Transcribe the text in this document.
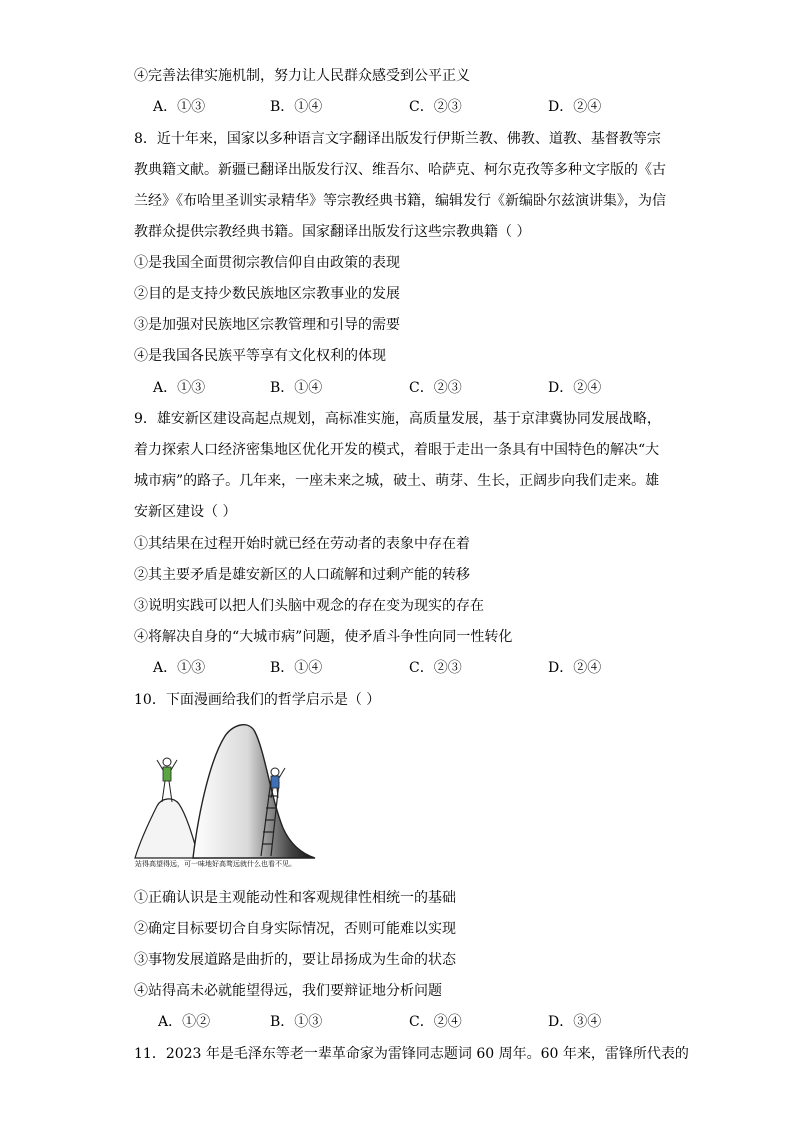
④完善法律实施机制，努力让人民群众感受到公平正义
A．①③	B．①④	C．②③	D．②④
8．近十年来，国家以多种语言文字翻译出版发行伊斯兰教、佛教、道教、基督教等宗
教典籍文献。新疆已翻译出版发行汉、维吾尔、哈萨克、柯尔克孜等多种文字版的《古
兰经》《布哈里圣训实录精华》等宗教经典书籍，编辑发行《新编卧尔兹演讲集》，为信
教群众提供宗教经典书籍。国家翻译出版发行这些宗教典籍（ ）
①是我国全面贯彻宗教信仰自由政策的表现
②目的是支持少数民族地区宗教事业的发展
③是加强对民族地区宗教管理和引导的需要
④是我国各民族平等享有文化权利的体现
A．①③	B．①④	C．②③	D．②④
9．雄安新区建设高起点规划，高标准实施，高质量发展，基于京津冀协同发展战略，
着力探索人口经济密集地区优化开发的模式，着眼于走出一条具有中国特色的解决“大
城市病”的路子。几年来，一座未来之城，破土、萌芽、生长，正阔步向我们走来。雄
安新区建设（ ）
①其结果在过程开始时就已经在劳动者的表象中存在着
②其主要矛盾是雄安新区的人口疏解和过剩产能的转移
③说明实践可以把人们头脑中观念的存在变为现实的存在
④将解决自身的“大城市病”问题，使矛盾斗争性向同一性转化
A．①③	B．①④	C．②③	D．②④
10．下面漫画给我们的哲学启示是（ ）
站得高望得远，可一味地好高骛远就什么也看不见。
①正确认识是主观能动性和客观规律性相统一的基础
②确定目标要切合自身实际情况，否则可能难以实现
③事物发展道路是曲折的，要让昂扬成为生命的状态
④站得高未必就能望得远，我们要辩证地分析问题
A．①②	B．①③	C．②④	D．③④
11．2023 年是毛泽东等老一辈革命家为雷锋同志题词 60 周年。60 年来，雷锋所代表的
